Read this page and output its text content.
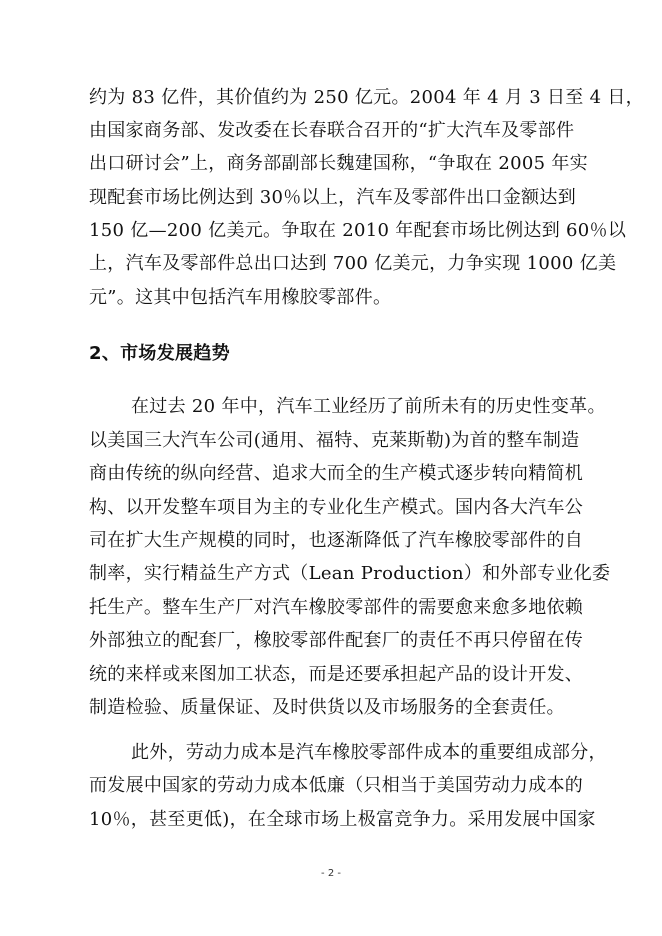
约为 83 亿件，其价值约为 250 亿元。2004 年 4 月 3 日至 4 日，
由国家商务部、发改委在长春联合召开的“扩大汽车及零部件
出口研讨会”上，商务部副部长魏建国称，“争取在 2005 年实
现配套市场比例达到 30％以上，汽车及零部件出口金额达到
150 亿—200 亿美元。争取在 2010 年配套市场比例达到 60％以
上，汽车及零部件总出口达到 700 亿美元，力争实现 1000 亿美
元”。这其中包括汽车用橡胶零部件。
2、市场发展趋势
在过去 20 年中，汽车工业经历了前所未有的历史性变革。
以美国三大汽车公司(通用、福特、克莱斯勒)为首的整车制造
商由传统的纵向经营、追求大而全的生产模式逐步转向精简机
构、以开发整车项目为主的专业化生产模式。国内各大汽车公
司在扩大生产规模的同时，也逐渐降低了汽车橡胶零部件的自
制率，实行精益生产方式（Lean Production）和外部专业化委
托生产。整车生产厂对汽车橡胶零部件的需要愈来愈多地依赖
外部独立的配套厂，橡胶零部件配套厂的责任不再只停留在传
统的来样或来图加工状态，而是还要承担起产品的设计开发、
制造检验、质量保证、及时供货以及市场服务的全套责任。
此外，劳动力成本是汽车橡胶零部件成本的重要组成部分，
而发展中国家的劳动力成本低廉（只相当于美国劳动力成本的
10％，甚至更低)，在全球市场上极富竞争力。采用发展中国家
- 2 -
